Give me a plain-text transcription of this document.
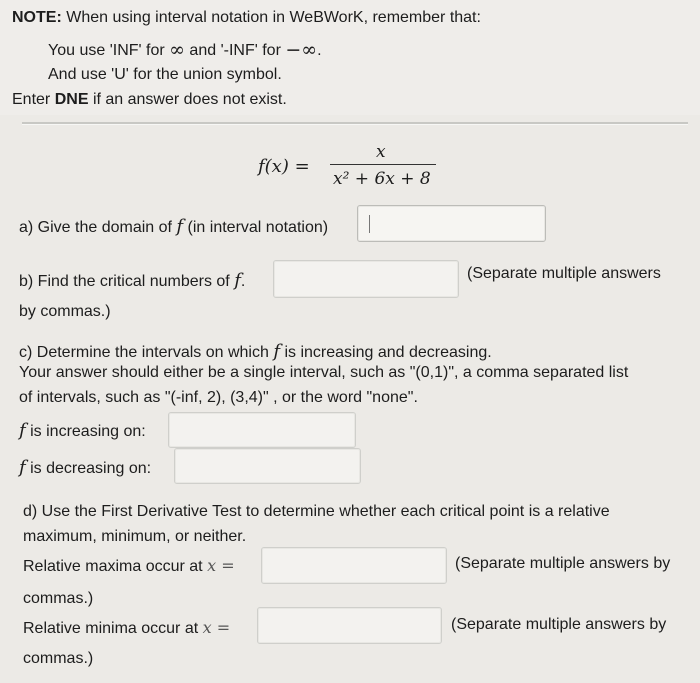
NOTE: When using interval notation in WeBWorK, remember that:
You use 'INF' for ∞ and '-INF' for −∞.
And use 'U' for the union symbol.
Enter DNE if an answer does not exist.
f(x) =
x
x² + 6x + 8
a) Give the domain of f (in interval notation)
b) Find the critical numbers of f.	(Separate multiple answers
by commas.)
c) Determine the intervals on which f is increasing and decreasing.
Your answer should either be a single interval, such as "(0,1)", a comma separated list
of intervals, such as "(-inf, 2), (3,4)" , or the word "none".
f is increasing on:
f is decreasing on:
d) Use the First Derivative Test to determine whether each critical point is a relative
maximum, minimum, or neither.
Relative maxima occur at x =	(Separate multiple answers by
commas.)
Relative minima occur at x =	(Separate multiple answers by
commas.)
